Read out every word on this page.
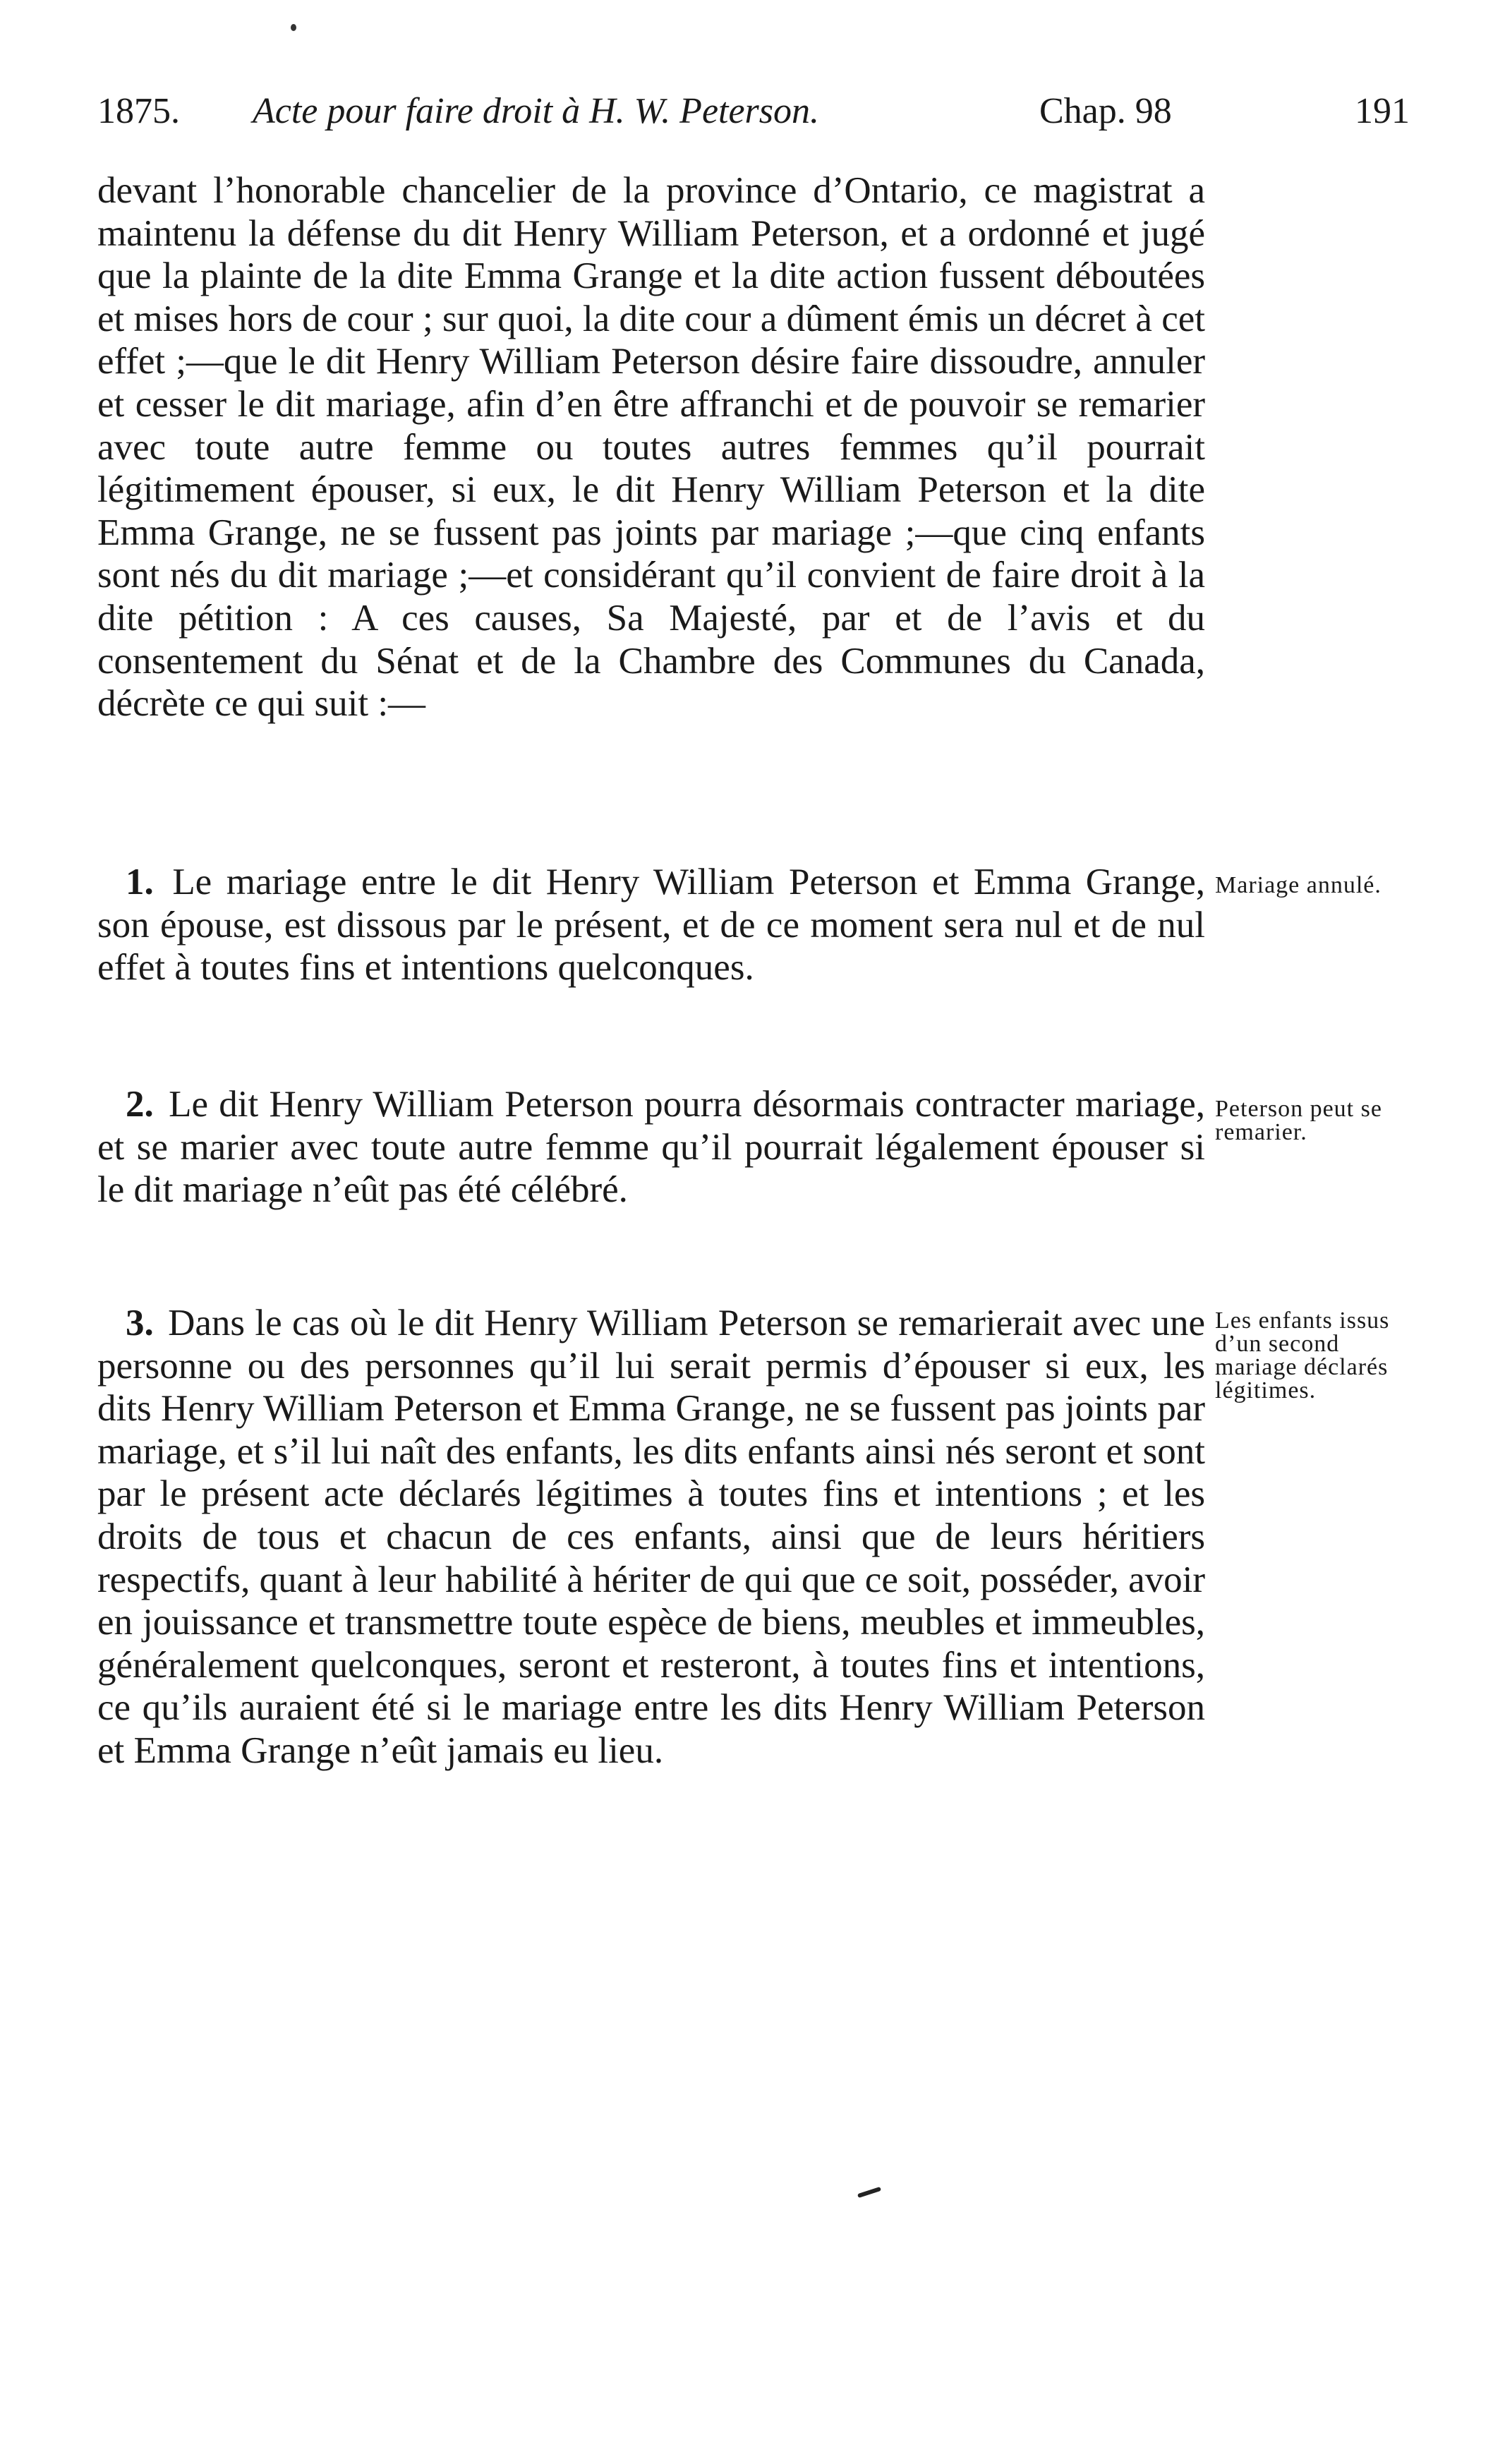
1875. Acte pour faire droit à H. W. Peterson.	Chap. 98	191
devant l’honorable chancelier de la province d’Ontario, ce magistrat a maintenu la défense du dit Henry William Peterson, et a ordonné et jugé que la plainte de la dite Emma Grange et la dite action fussent déboutées et mises hors de cour ; sur quoi, la dite cour a dûment émis un décret à cet effet ;—que le dit Henry William Peterson désire faire dissoudre, annuler et cesser le dit mariage, afin d’en être affranchi et de pouvoir se remarier avec toute autre femme ou toutes autres femmes qu’il pourrait légitimement épouser, si eux, le dit Henry William Peterson et la dite Emma Grange, ne se fussent pas joints par mariage ;—que cinq enfants sont nés du dit mariage ;—et considérant qu’il convient de faire droit à la dite pétition : A ces causes, Sa Majesté, par et de l’avis et du consentement du Sénat et de la Chambre des Communes du Canada, décrète ce qui suit :—
1. Le mariage entre le dit Henry William Peterson et Emma Grange, son épouse, est dissous par le présent, et de ce moment sera nul et de nul effet à toutes fins et intentions quelconques.
Mariage annulé.
2. Le dit Henry William Peterson pourra désormais contracter mariage, et se marier avec toute autre femme qu’il pourrait légalement épouser si le dit mariage n’eût pas été célébré.
Peterson peut se remarier.
3. Dans le cas où le dit Henry William Peterson se remarierait avec une personne ou des personnes qu’il lui serait permis d’épouser si eux, les dits Henry William Peterson et Emma Grange, ne se fussent pas joints par mariage, et s’il lui naît des enfants, les dits enfants ainsi nés seront et sont par le présent acte déclarés légitimes à toutes fins et intentions ; et les droits de tous et chacun de ces enfants, ainsi que de leurs héritiers respectifs, quant à leur habilité à hériter de qui que ce soit, posséder, avoir en jouissance et transmettre toute espèce de biens, meubles et immeubles, généralement quelconques, seront et resteront, à toutes fins et intentions, ce qu’ils auraient été si le mariage entre les dits Henry William Peterson et Emma Grange n’eût jamais eu lieu.
Les enfants issus d’un second mariage déclarés légitimes.
